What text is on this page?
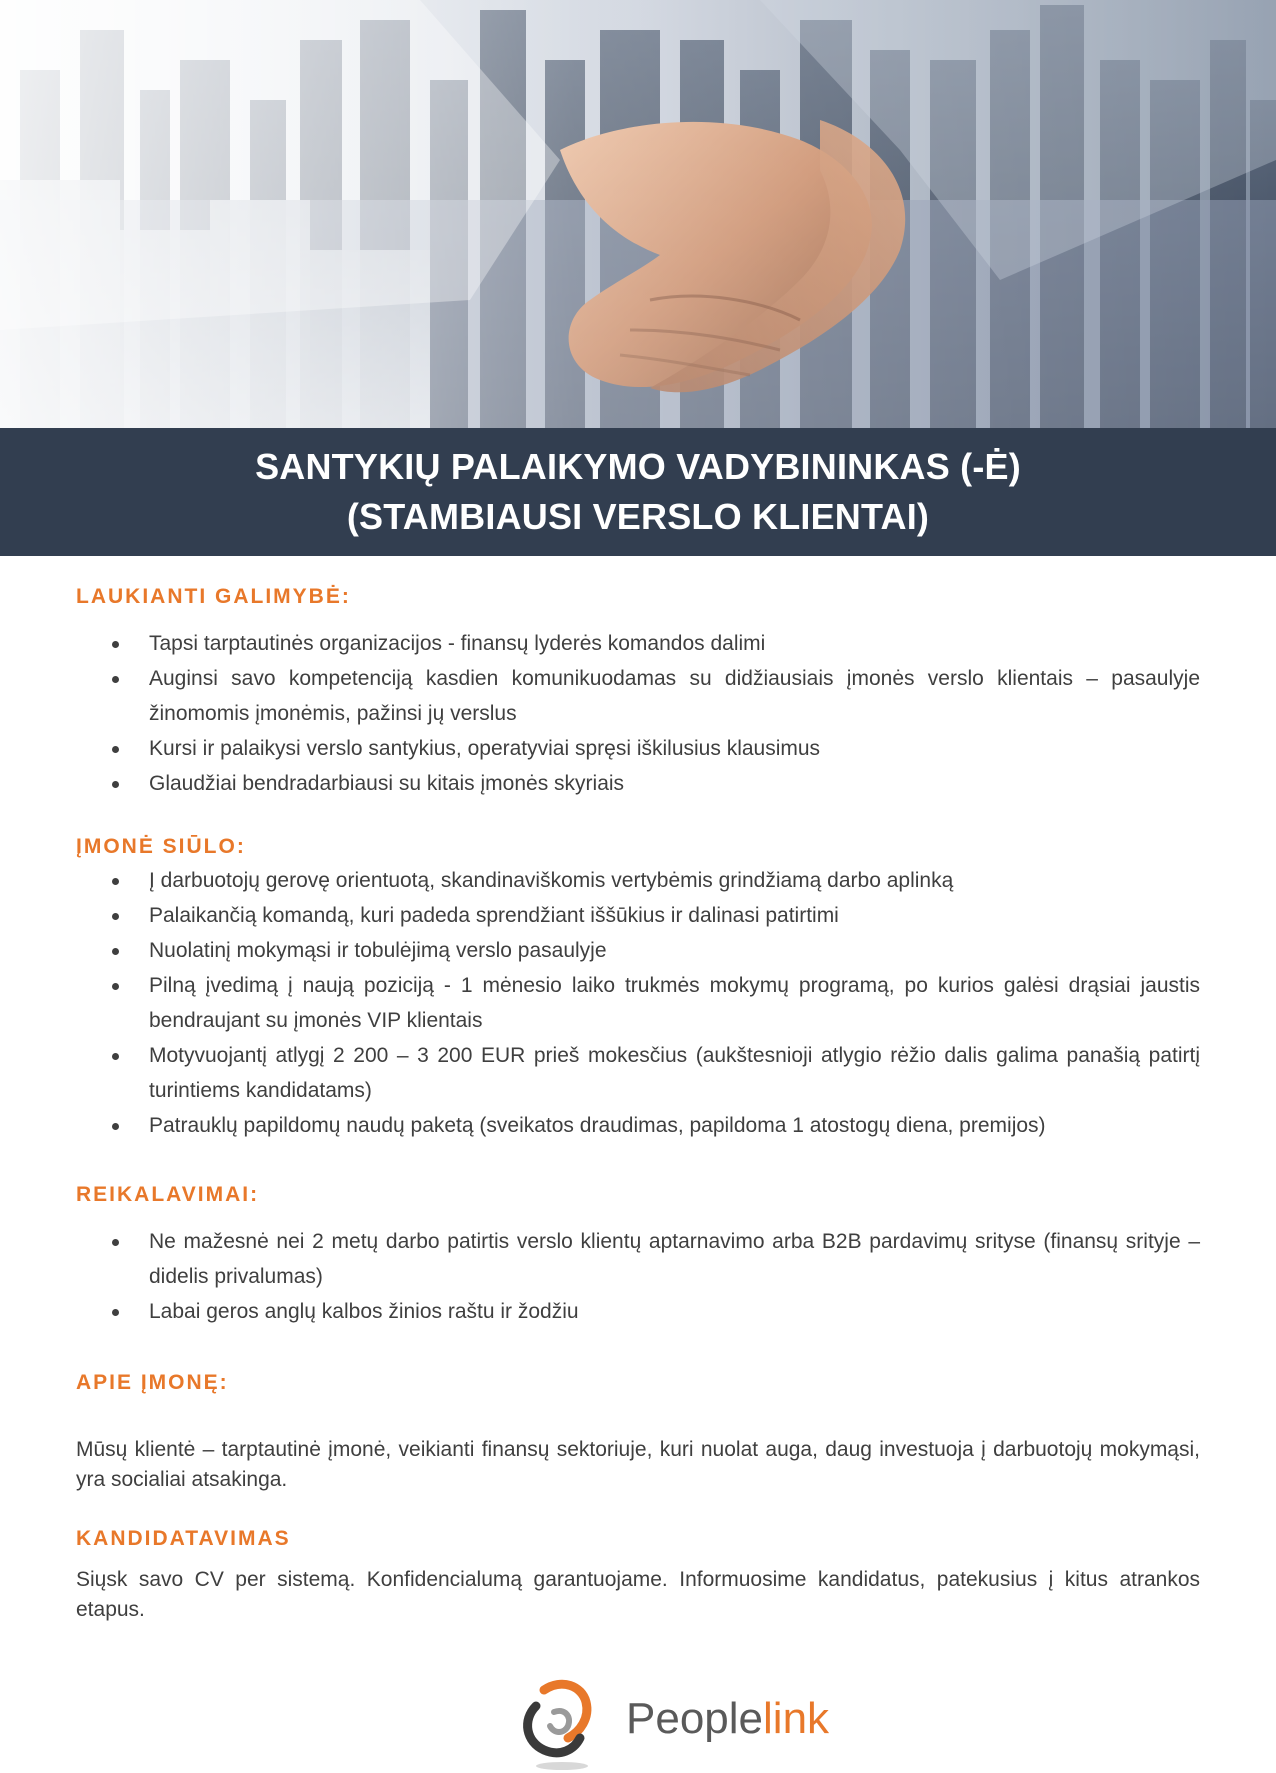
SANTYKIŲ PALAIKYMO VADYBININKAS (-Ė)
(STAMBIAUSI VERSLO KLIENTAI)
LAUKIANTI GALIMYBĖ:
Tapsi tarptautinės organizacijos - finansų lyderės komandos dalimi
Auginsi savo kompetenciją kasdien komunikuodamas su didžiausiais įmonės verslo klientais – pasaulyje žinomomis įmonėmis, pažinsi jų verslus
Kursi ir palaikysi verslo santykius, operatyviai spręsi iškilusius klausimus
Glaudžiai bendradarbiausi su kitais įmonės skyriais
ĮMONĖ SIŪLO:
Į darbuotojų gerovę orientuotą, skandinaviškomis vertybėmis grindžiamą darbo aplinką
Palaikančią komandą, kuri padeda sprendžiant iššūkius ir dalinasi patirtimi
Nuolatinį mokymąsi ir tobulėjimą verslo pasaulyje
Pilną įvedimą į naują poziciją - 1 mėnesio laiko trukmės mokymų programą, po kurios galėsi drąsiai jaustis bendraujant su įmonės VIP klientais
Motyvuojantį atlygį 2 200 – 3 200 EUR prieš mokesčius (aukštesnioji atlygio rėžio dalis galima panašią patirtį turintiems kandidatams)
Patrauklų papildomų naudų paketą (sveikatos draudimas, papildoma 1 atostogų diena, premijos)
REIKALAVIMAI:
Ne mažesnė nei 2 metų darbo patirtis verslo klientų aptarnavimo arba B2B pardavimų srityse (finansų srityje – didelis privalumas)
Labai geros anglų kalbos žinios raštu ir žodžiu
APIE ĮMONĘ:

Mūsų klientė – tarptautinė įmonė, veikianti finansų sektoriuje, kuri nuolat auga, daug investuoja į darbuotojų mokymąsi, yra socialiai atsakinga.

KANDIDATAVIMAS

Siųsk savo CV per sistemą. Konfidencialumą garantuojame. Informuosime kandidatus, patekusius į kitus atrankos etapus.

Peoplelink
